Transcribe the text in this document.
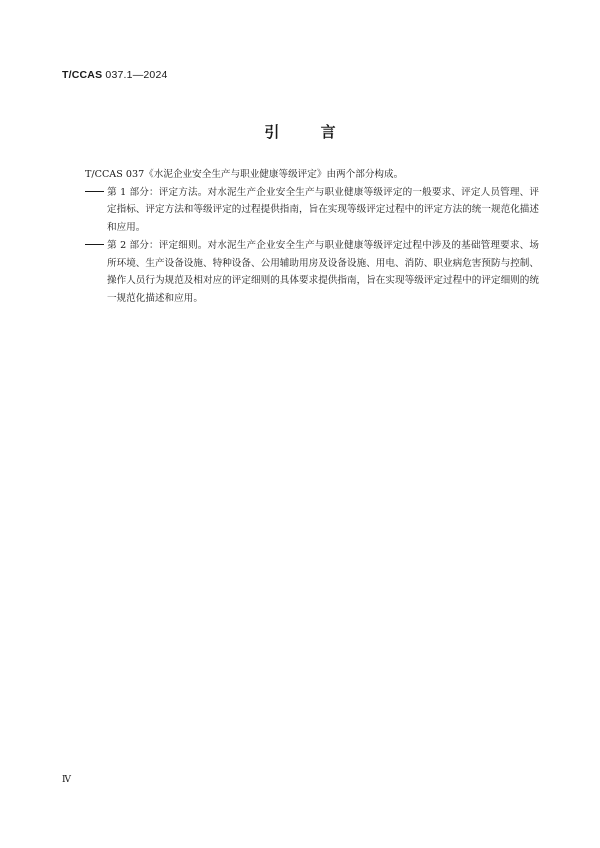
T/CCAS 037.1—2024
引 言

T/CCAS 037《水泥企业安全生产与职业健康等级评定》由两个部分构成。

第 1 部分：评定方法。对水泥生产企业安全生产与职业健康等级评定的一般要求、评定人员管理、评定指标、评定方法和等级评定的过程提供指南，旨在实现等级评定过程中的评定方法的统一规范化描述和应用。

第 2 部分：评定细则。对水泥生产企业安全生产与职业健康等级评定过程中涉及的基础管理要求、场所环境、生产设备设施、特种设备、公用辅助用房及设备设施、用电、消防、职业病危害预防与控制、操作人员行为规范及相对应的评定细则的具体要求提供指南，旨在实现等级评定过程中的评定细则的统一规范化描述和应用。

Ⅳ
